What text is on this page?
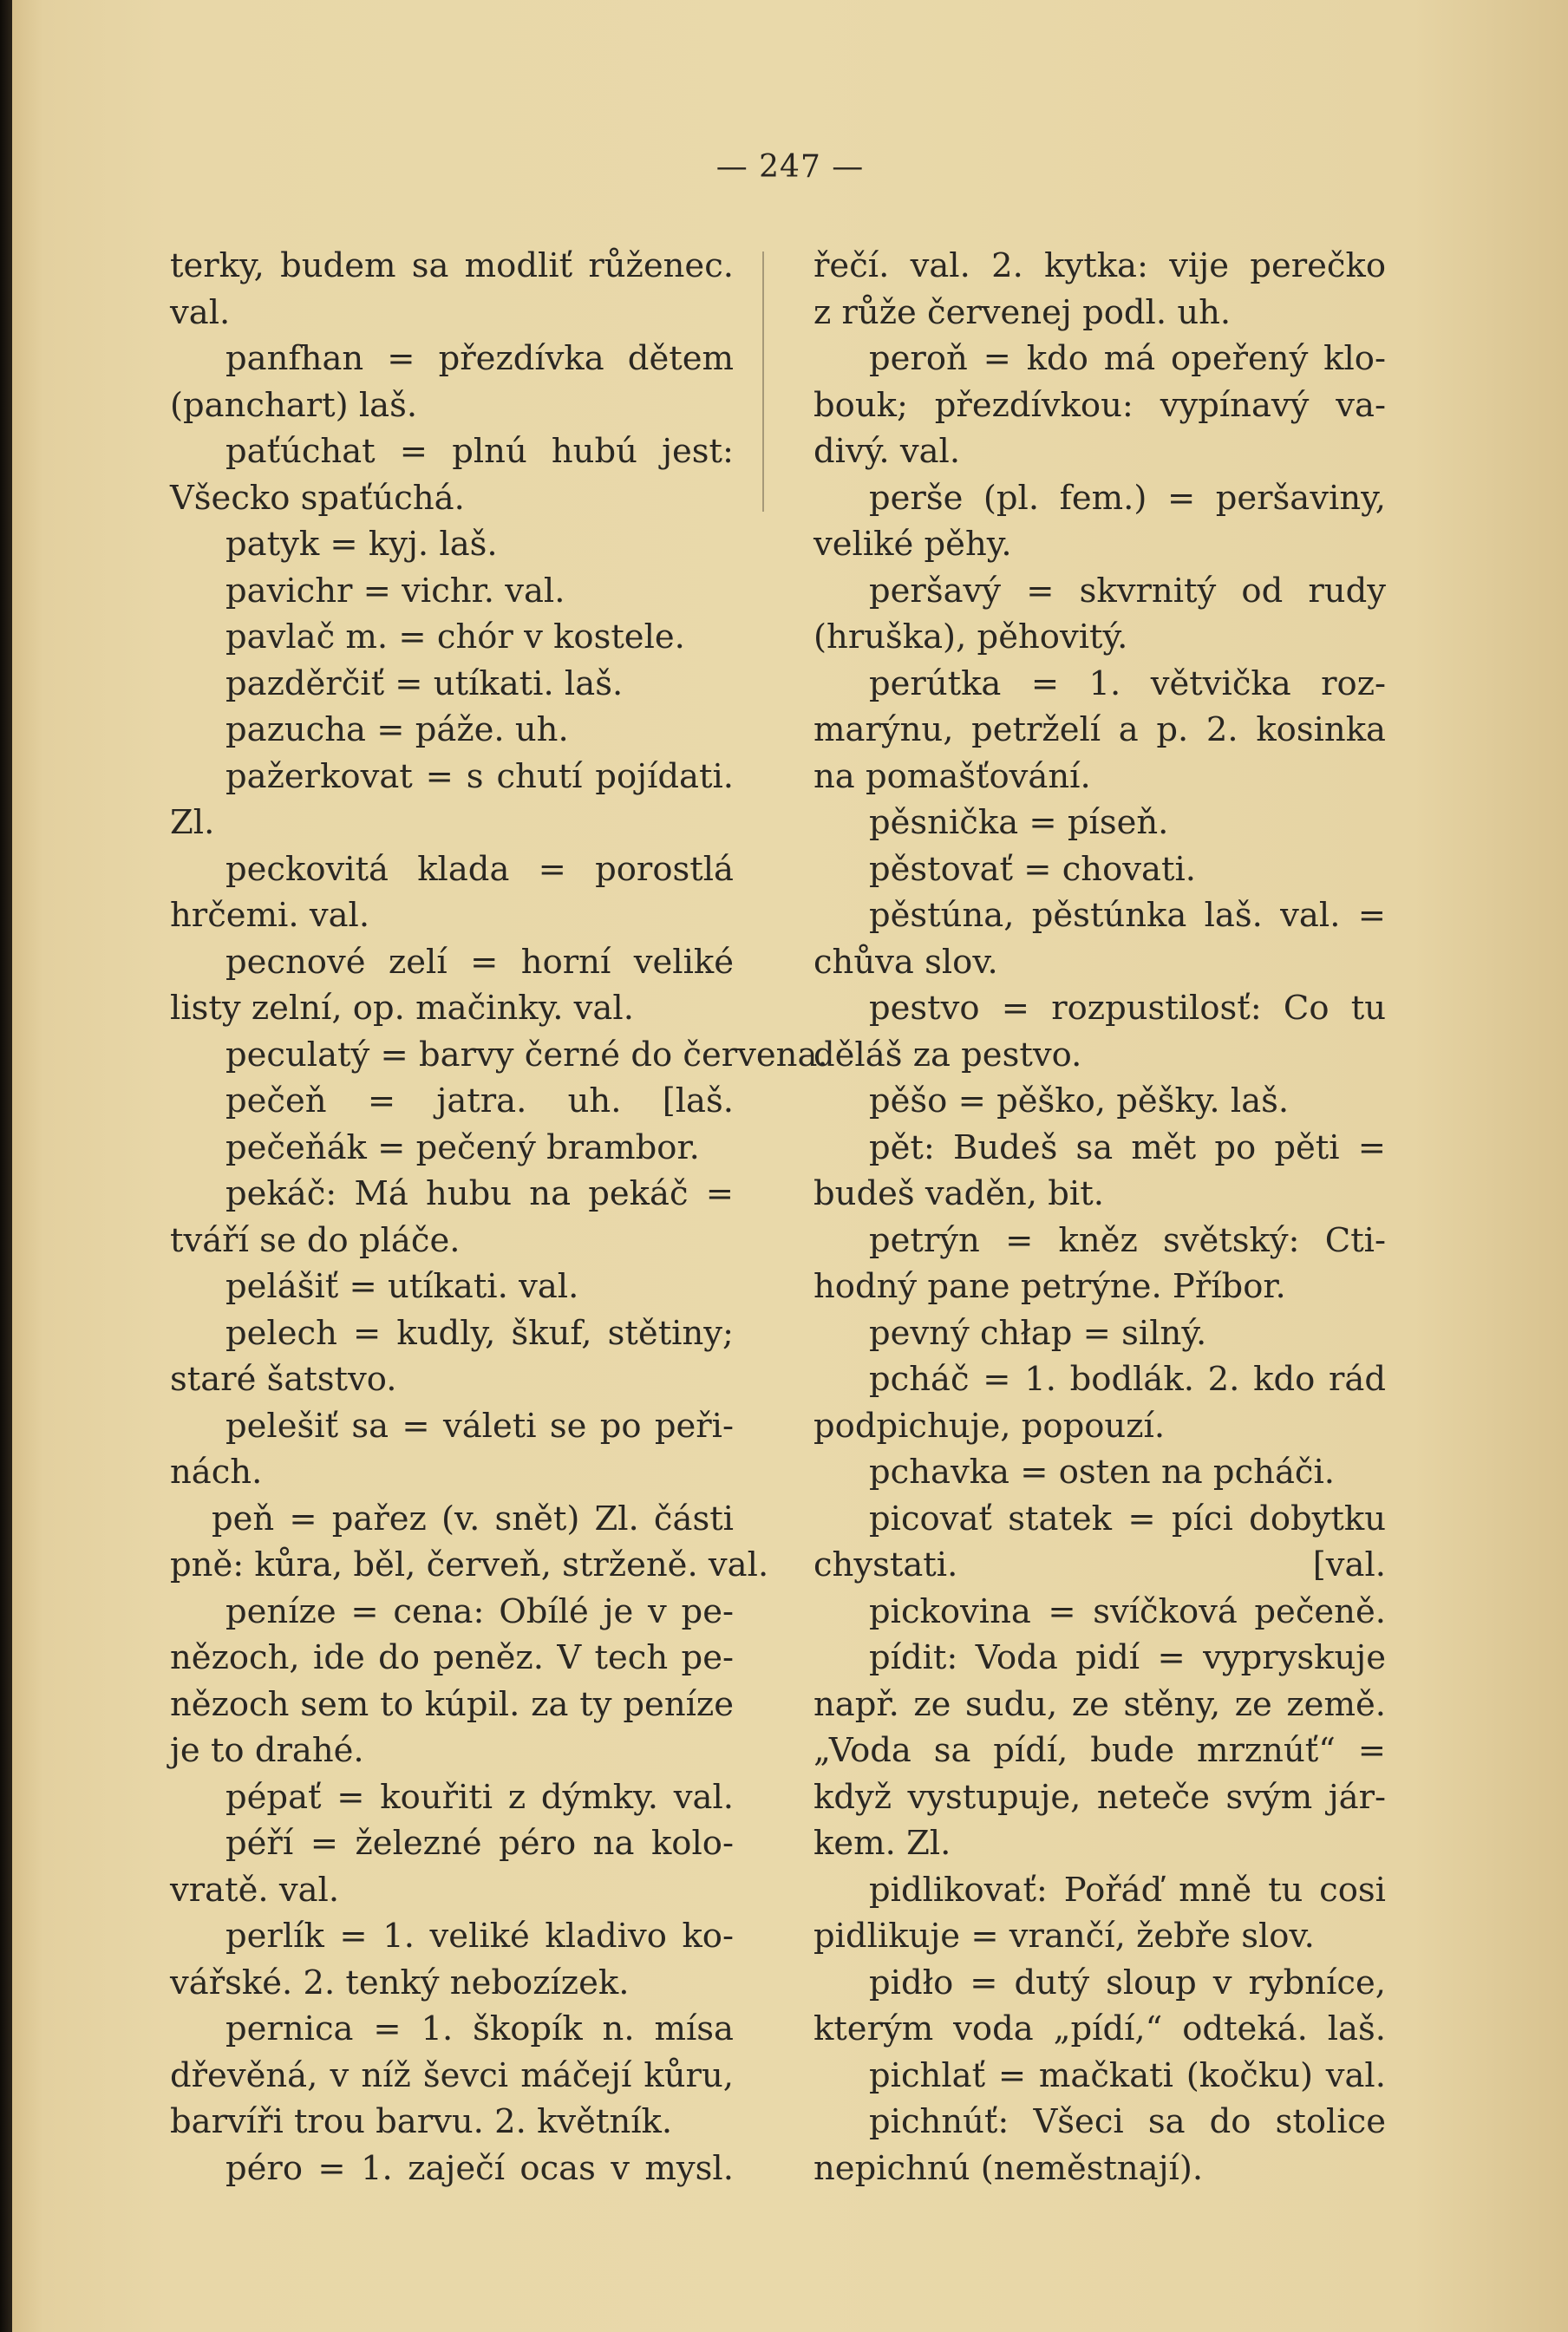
— 247 —
terky, budem sa modliť růženec.
val.
panfhan = přezdívka dětem
(panchart) laš.
paťúchat = plnú hubú jest:
Všecko spaťúchá.
patyk = kyj. laš.
pavichr = vichr. val.
pavlač m. = chór v kostele.
pazděrčiť = utíkati. laš.
pazucha = páže. uh.
pažerkovat = s chutí pojídati.
Zl.
peckovitá klada = porostlá
hrčemi. val.
pecnové zelí = horní veliké
listy zelní, op. mačinky. val.
peculatý = barvy černé do červena.
pečeň = jatra. uh. [laš.
pečeňák = pečený brambor.
pekáč: Má hubu na pekáč =
tváří se do pláče.
pelášiť = utíkati. val.
pelech = kudly, škuf, stětiny;
staré šatstvo.
pelešiť sa = váleti se po peři-
nách.
peň = pařez (v. snět) Zl. části
pně: kůra, běl, červeň, strženě. val.
peníze = cena: Obílé je v pe-
nězoch, ide do peněz. V tech pe-
nězoch sem to kúpil. za ty peníze
je to drahé.
pépať = kouřiti z dýmky. val.
péří = železné péro na kolo-
vratě. val.
perlík = 1. veliké kladivo ko-
vářské. 2. tenký nebozízek.
pernica = 1. škopík n. mísa
dřevěná, v níž ševci máčejí kůru,
barvíři trou barvu. 2. květník.
péro = 1. zaječí ocas v mysl.
řečí. val. 2. kytka: vije perečko
z růže červenej podl. uh.
peroň = kdo má opeřený klo-
bouk; přezdívkou: vypínavý va-
divý. val.
perše (pl. fem.) = peršaviny,
veliké pěhy.
peršavý = skvrnitý od rudy
(hruška), pěhovitý.
perútka = 1. větvička roz-
marýnu, petrželí a p. 2. kosinka
na pomašťování.
pěsnička = píseň.
pěstovať = chovati.
pěstúna, pěstúnka laš. val. =
chůva slov.
pestvo = rozpustilosť: Co tu
děláš za pestvo.
pěšo = pěško, pěšky. laš.
pět: Budeš sa mět po pěti =
budeš vaděn, bit.
petrýn = kněz světský: Cti-
hodný pane petrýne. Příbor.
pevný chłap = silný.
pcháč = 1. bodlák. 2. kdo rád
podpichuje, popouzí.
pchavka = osten na pcháči.
picovať statek = píci dobytku
chystati. [val.
pickovina = svíčková pečeně.
pídit: Voda pidí = vypryskuje
např. ze sudu, ze stěny, ze země.
„Voda sa pídí, bude mrznúť“ =
když vystupuje, neteče svým jár-
kem. Zl.
pidlikovať: Pořáď mně tu cosi
pidlikuje = vrančí, žebře slov.
pidło = dutý sloup v rybníce,
kterým voda „pídí,“ odteká. laš.
pichlať = mačkati (kočku) val.
pichnúť: Všeci sa do stolice
nepichnú (neměstnají).
